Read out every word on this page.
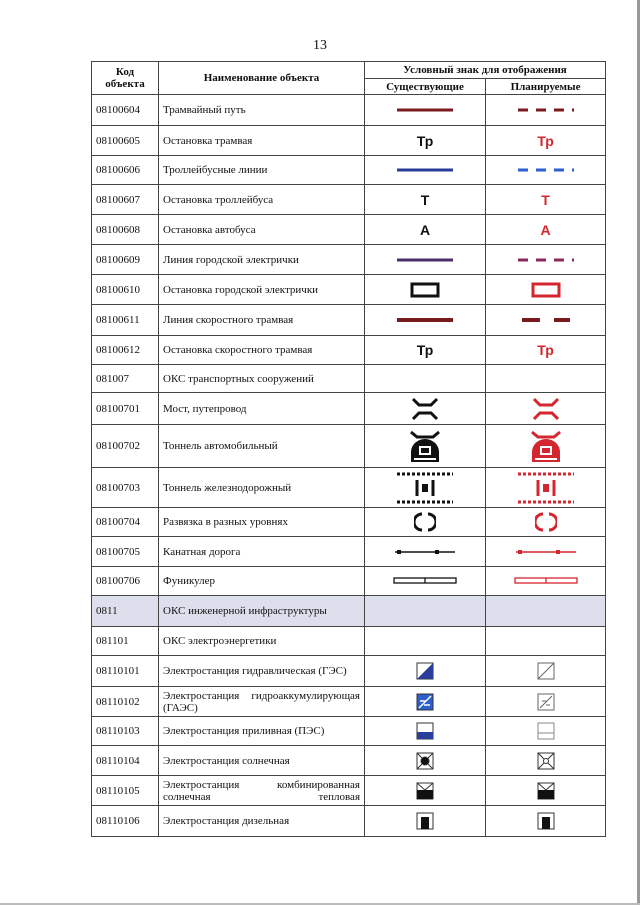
13
Код объекта	Наименование объекта	Условный знак для отображения	
		Существующие	Планируемые
08100604	Трамвайный путь	

08100605	Остановка трамвая	Тр	Тр
08100606	Троллейбусные линии	

08100607	Остановка троллейбуса	Т	Т
08100608	Остановка автобуса	А	А
08100609	Линия городской электрички	

08100610	Остановка городской электрички	

08100611	Линия скоростного трамвая	

08100612	Остановка скоростного трамвая	Тр	Тр
081007	ОКС транспортных сооружений		
08100701	Мост, путепровод	

08100702	Тоннель автомобильный	

08100703	Тоннель железнодорожный	

08100704	Развязка в разных уровнях	

08100705	Канатная дорога	

08100706	Фуникулер	

0811	ОКС инженерной инфраструктуры		
081101	ОКС электроэнергетики		
08110101	Электростанция гидравлическая (ГЭС)	

08110102	Электростанция гидроаккумулирующая (ГАЭС)	

08110103	Электростанция приливная (ПЭС)	

08110104	Электростанция солнечная	

08110105	Электростанция комбинированная солнечная тепловая	

08110106	Электростанция дизельная	
